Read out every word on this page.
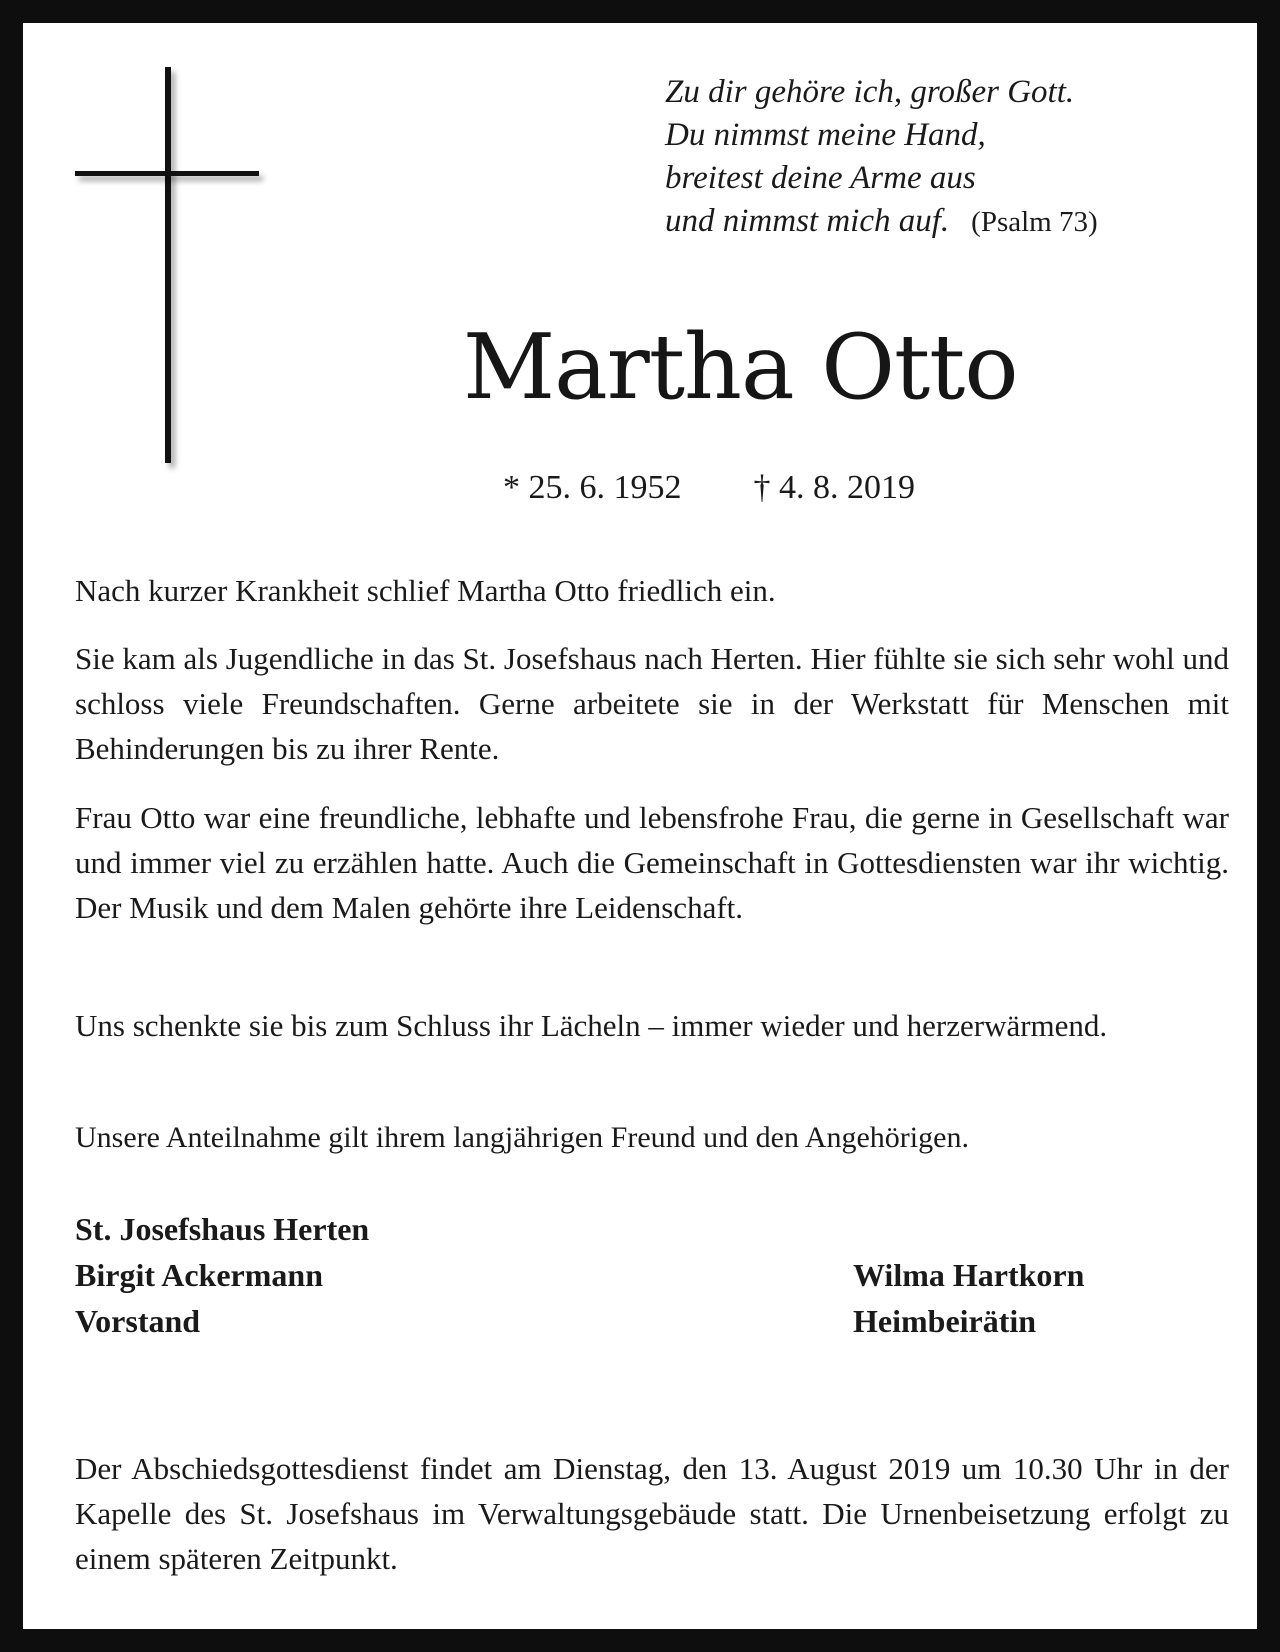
Zu dir gehöre ich, großer Gott.
Du nimmst meine Hand,
breitest deine Arme aus
und nimmst mich auf. (Psalm 73)
Martha Otto
* 25. 6. 1952 † 4. 8. 2019

Nach kurzer Krankheit schlief Martha Otto friedlich ein.

Sie kam als Jugendliche in das St. Josefshaus nach Herten. Hier fühlte sie sich sehr wohl und schloss viele Freundschaften. Gerne arbeitete sie in der Werkstatt für Menschen mit Behinderungen bis zu ihrer Rente.

Frau Otto war eine freundliche, lebhafte und lebensfrohe Frau, die gerne in Gesellschaft war und immer viel zu erzählen hatte. Auch die Gemeinschaft in Gottesdiensten war ihr wichtig. Der Musik und dem Malen gehörte ihre Leidenschaft.

Uns schenkte sie bis zum Schluss ihr Lächeln – immer wieder und herzerwärmend.

Unsere Anteilnahme gilt ihrem langjährigen Freund und den Angehörigen.

St. Josefshaus Herten
Birgit Ackermann
Vorstand
Wilma Hartkorn
Heimbeirätin

Der Abschiedsgottesdienst findet am Dienstag, den 13. August 2019 um 10.30 Uhr in der Kapelle des St. Josefshaus im Verwaltungsgebäude statt. Die Urnenbeisetzung erfolgt zu einem späteren Zeitpunkt.
